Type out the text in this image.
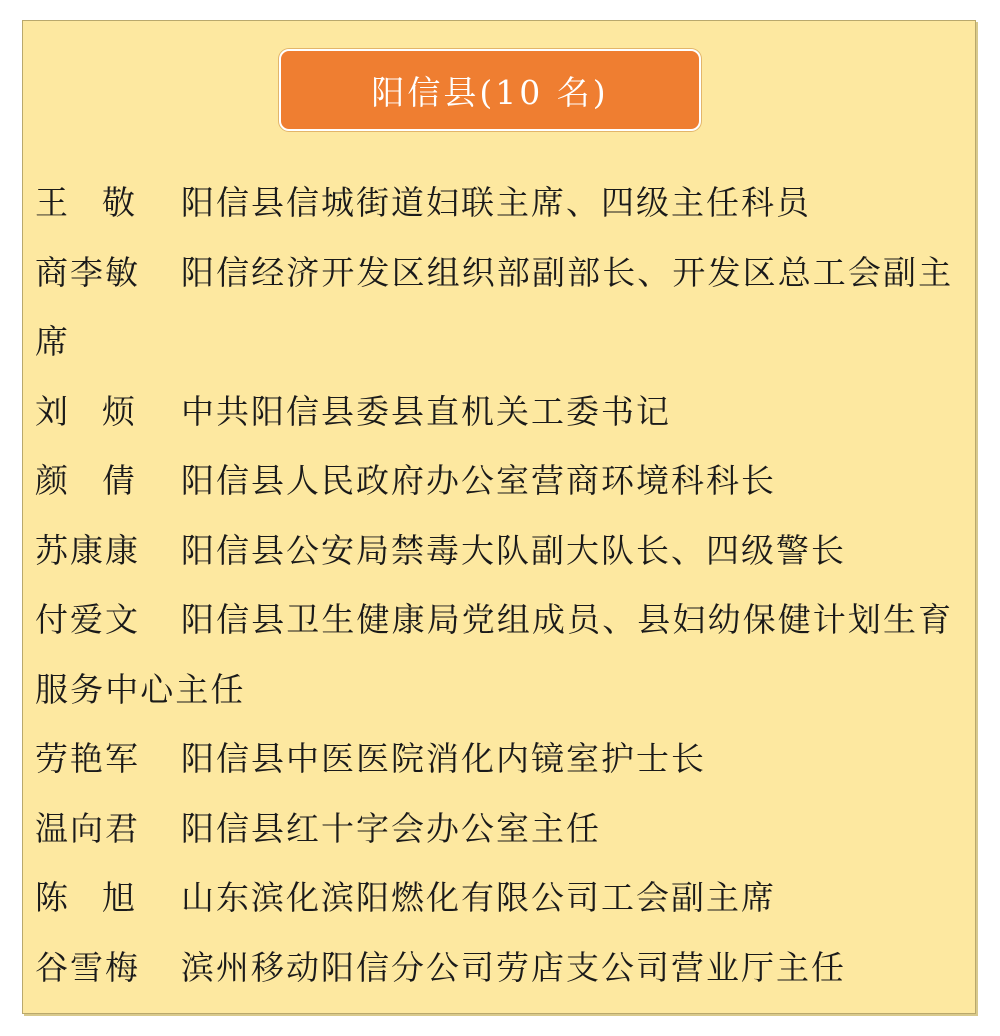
阳信县(10 名)
王 敬	阳信县信城街道妇联主席、四级主任科员
商李敏 阳信经济开发区组织部副部长、开发区总工会副主席
刘 烦	中共阳信县委县直机关工委书记
颜 倩	阳信县人民政府办公室营商环境科科长
苏康康	阳信县公安局禁毒大队副大队长、四级警长
付爱文 阳信县卫生健康局党组成员、县妇幼保健计划生育服务中心主任
劳艳军	阳信县中医医院消化内镜室护士长
温向君	阳信县红十字会办公室主任
陈 旭	山东滨化滨阳燃化有限公司工会副主席
谷雪梅	滨州移动阳信分公司劳店支公司营业厅主任
